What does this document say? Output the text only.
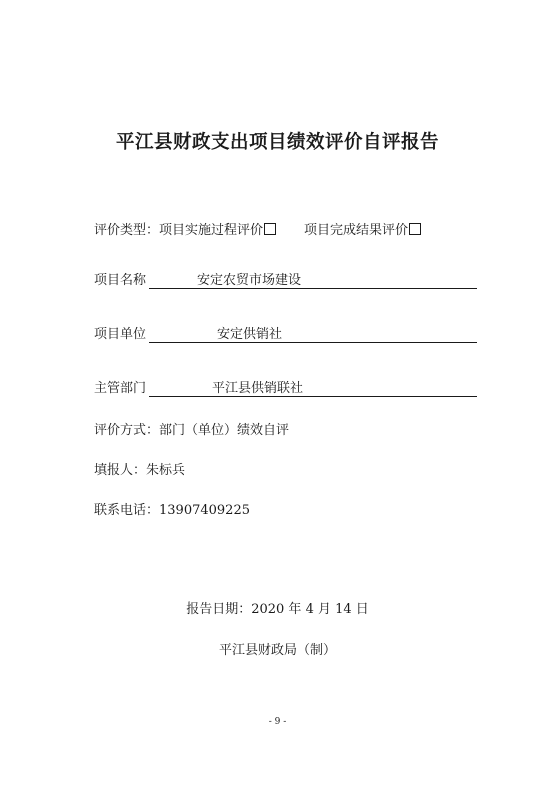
平江县财政支出项目绩效评价自评报告
评价类型：项目实施过程评价	项目完成结果评价
项目名称	安定农贸市场建设
项目单位	安定供销社
主管部门	平江县供销联社
评价方式：部门（单位）绩效自评
填报人：朱标兵
联系电话：13907409225
报告日期：2020 年 4 月 14 日
平江县财政局（制）
- 9 -
